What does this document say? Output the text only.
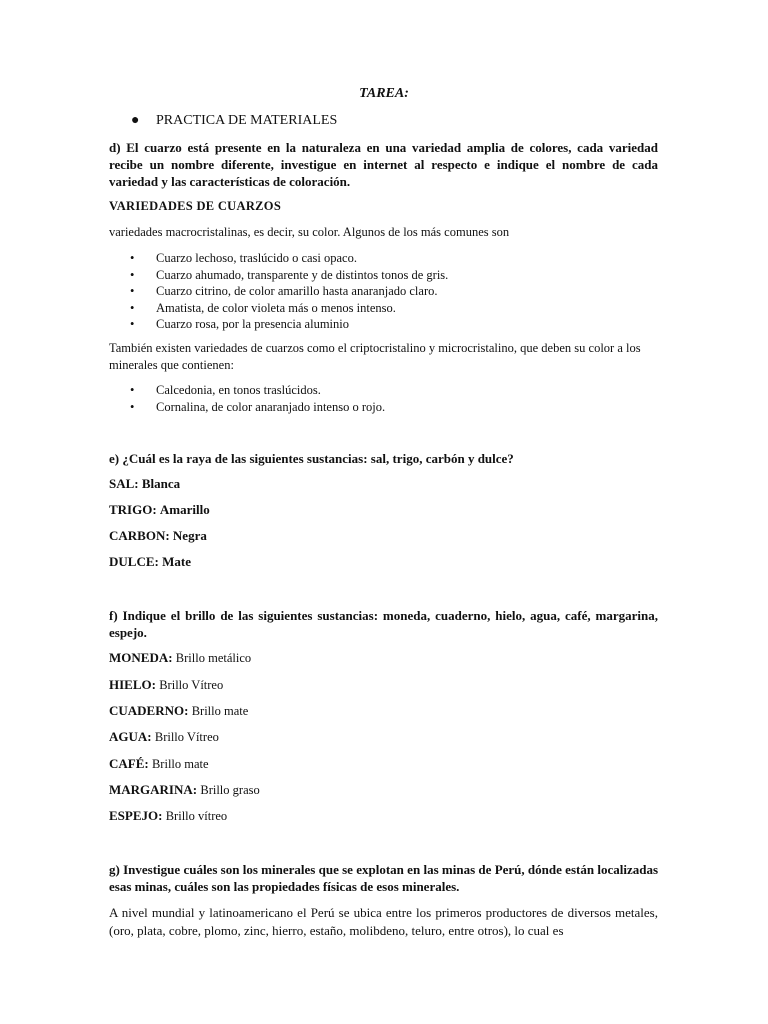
TAREA:
●	PRACTICA DE MATERIALES
d) El cuarzo está presente en la naturaleza en una variedad amplia de colores, cada variedad recibe un nombre diferente, investigue en internet al respecto e indique el nombre de cada variedad y las características de coloración.
VARIEDADES DE CUARZOS
variedades macrocristalinas, es decir, su color. Algunos de los más comunes son
•	Cuarzo lechoso, traslúcido o casi opaco.
•	Cuarzo ahumado, transparente y de distintos tonos de gris.
•	Cuarzo citrino, de color amarillo hasta anaranjado claro.
•	Amatista, de color violeta más o menos intenso.
•	Cuarzo rosa, por la presencia aluminio
También existen variedades de cuarzos como el criptocristalino y microcristalino, que deben su color a los minerales que contienen:
•	Calcedonia, en tonos traslúcidos.
•	Cornalina, de color anaranjado intenso o rojo.
e) ¿Cuál es la raya de las siguientes sustancias: sal, trigo, carbón y dulce?
SAL: Blanca
TRIGO: Amarillo
CARBON: Negra
DULCE: Mate
f) Indique el brillo de las siguientes sustancias: moneda, cuaderno, hielo, agua, café, margarina, espejo.
MONEDA: Brillo metálico
HIELO: Brillo Vítreo
CUADERNO: Brillo mate
AGUA: Brillo Vítreo
CAFÉ: Brillo mate
MARGARINA: Brillo graso
ESPEJO: Brillo vítreo
g) Investigue cuáles son los minerales que se explotan en las minas de Perú, dónde están localizadas esas minas, cuáles son las propiedades físicas de esos minerales.
A nivel mundial y latinoamericano el Perú se ubica entre los primeros productores de diversos metales, (oro, plata, cobre, plomo, zinc, hierro, estaño, molibdeno, teluro, entre otros), lo cual es
